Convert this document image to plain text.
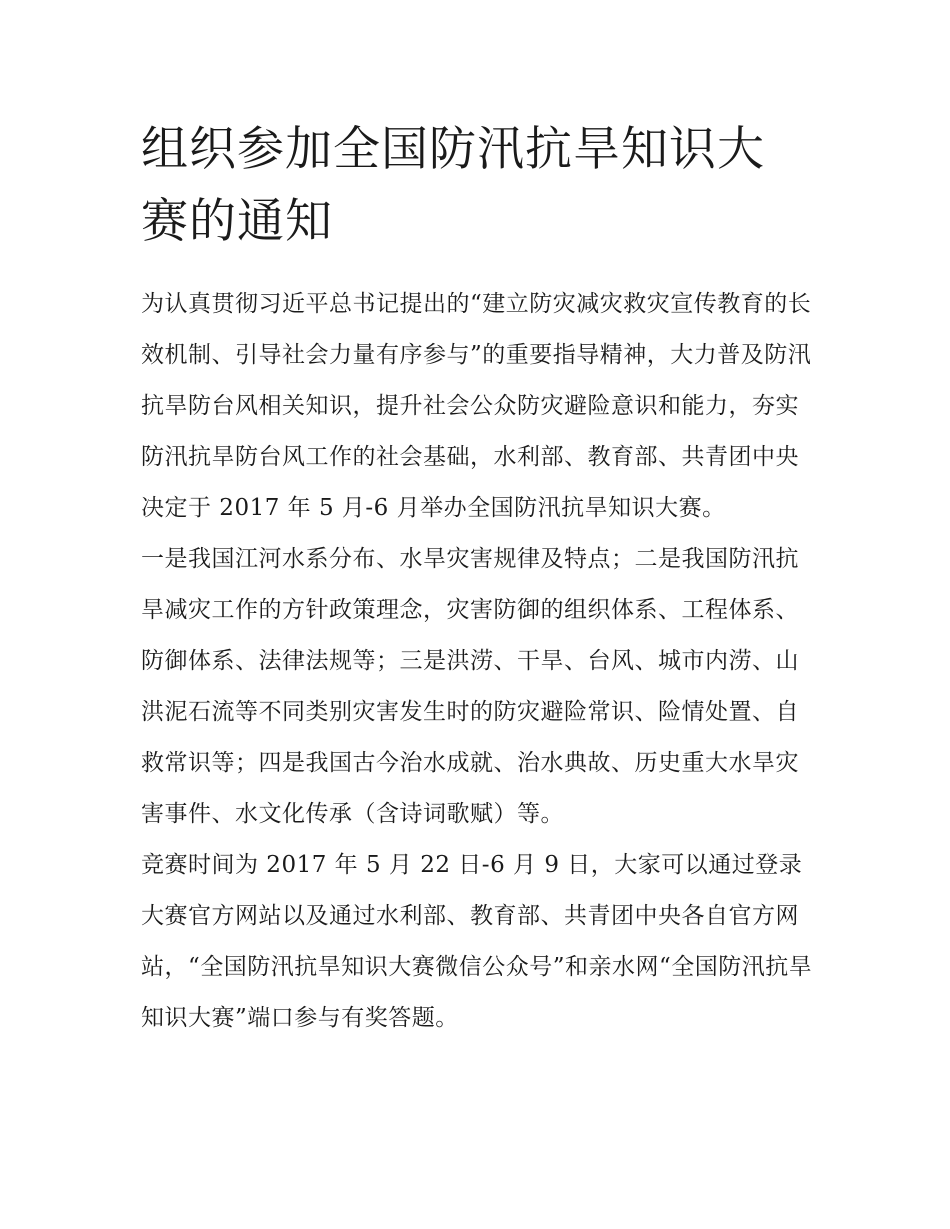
组织参加全国防汛抗旱知识大赛的通知

为认真贯彻习近平总书记提出的“建立防灾减灾救灾宣传教育的长效机制、引导社会力量有序参与”的重要指导精神，大力普及防汛抗旱防台风相关知识，提升社会公众防灾避险意识和能力，夯实防汛抗旱防台风工作的社会基础，水利部、教育部、共青团中央决定于 2017 年 5 月-6 月举办全国防汛抗旱知识大赛。

一是我国江河水系分布、水旱灾害规律及特点；二是我国防汛抗旱减灾工作的方针政策理念，灾害防御的组织体系、工程体系、防御体系、法律法规等；三是洪涝、干旱、台风、城市内涝、山洪泥石流等不同类别灾害发生时的防灾避险常识、险情处置、自救常识等；四是我国古今治水成就、治水典故、历史重大水旱灾害事件、水文化传承（含诗词歌赋）等。

竞赛时间为 2017 年 5 月 22 日-6 月 9 日，大家可以通过登录大赛官方网站以及通过水利部、教育部、共青团中央各自官方网站，“全国防汛抗旱知识大赛微信公众号”和亲水网“全国防汛抗旱知识大赛”端口参与有奖答题。
